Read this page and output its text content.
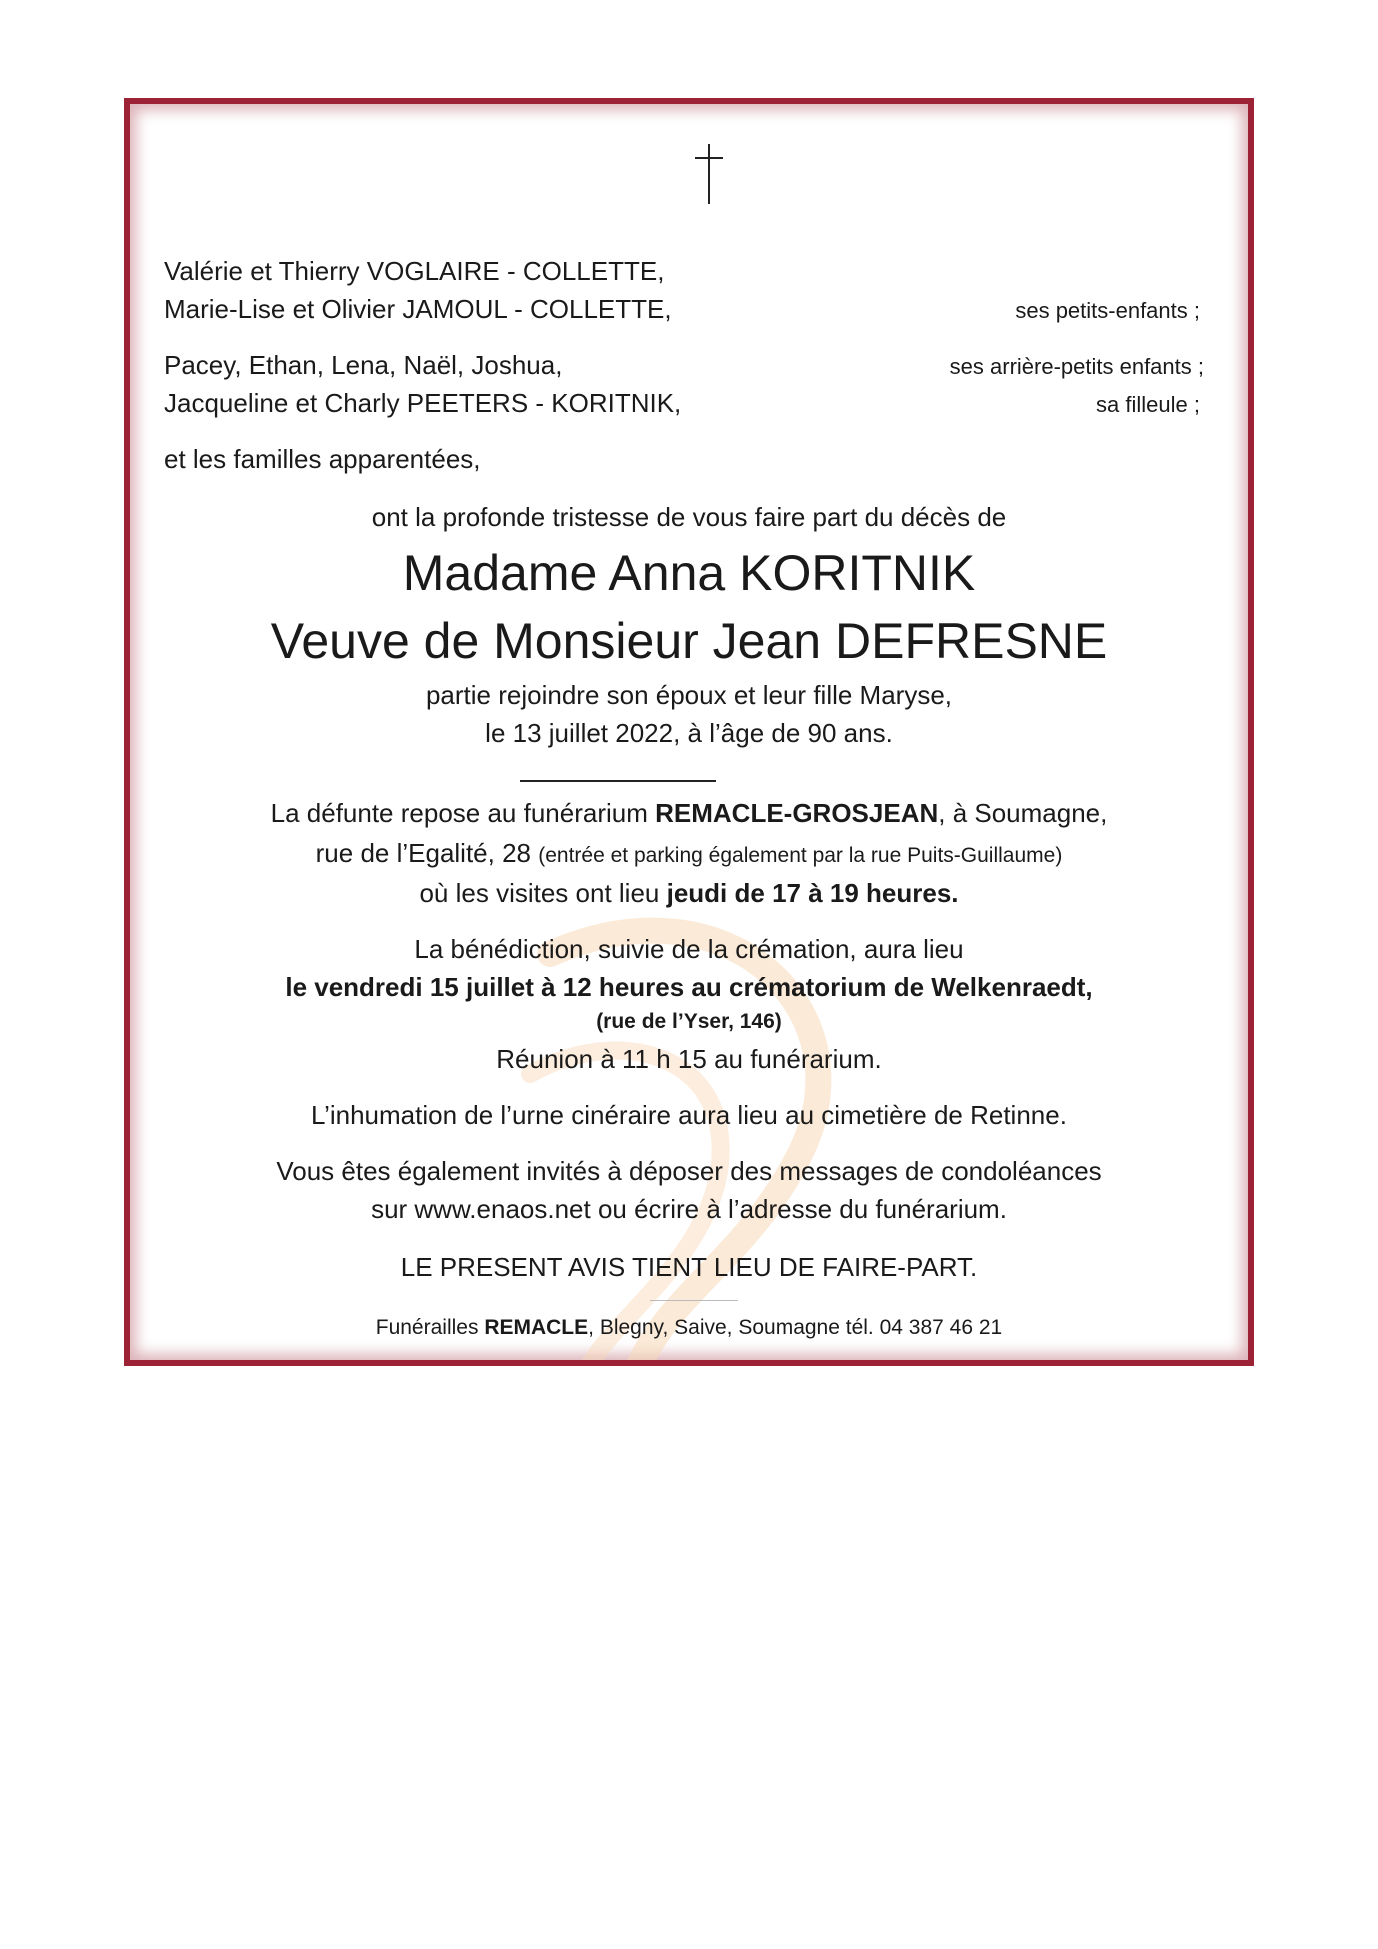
Valérie et Thierry VOGLAIRE - COLLETTE,
Marie-Lise et Olivier JAMOUL - COLLETTE,	ses petits-enfants ;
Pacey, Ethan, Lena, Naël, Joshua,	ses arrière-petits enfants ;
Jacqueline et Charly PEETERS - KORITNIK,	sa filleule ;
et les familles apparentées,
ont la profonde tristesse de vous faire part du décès de
Madame Anna KORITNIK
Veuve de Monsieur Jean DEFRESNE
partie rejoindre son époux et leur fille Maryse,
le 13 juillet 2022, à l’âge de 90 ans.
La défunte repose au funérarium REMACLE-GROSJEAN, à Soumagne,
rue de l’Egalité, 28 (entrée et parking également par la rue Puits-Guillaume)
où les visites ont lieu jeudi de 17 à 19 heures.
La bénédiction, suivie de la crémation, aura lieu
le vendredi 15 juillet à 12 heures au crématorium de Welkenraedt,
(rue de l’Yser, 146)
Réunion à 11 h 15 au funérarium.
L’inhumation de l’urne cinéraire aura lieu au cimetière de Retinne.
Vous êtes également invités à déposer des messages de condoléances
sur www.enaos.net ou écrire à l’adresse du funérarium.
LE PRESENT AVIS TIENT LIEU DE FAIRE-PART.
Funérailles REMACLE, Blegny, Saive, Soumagne tél. 04 387 46 21
